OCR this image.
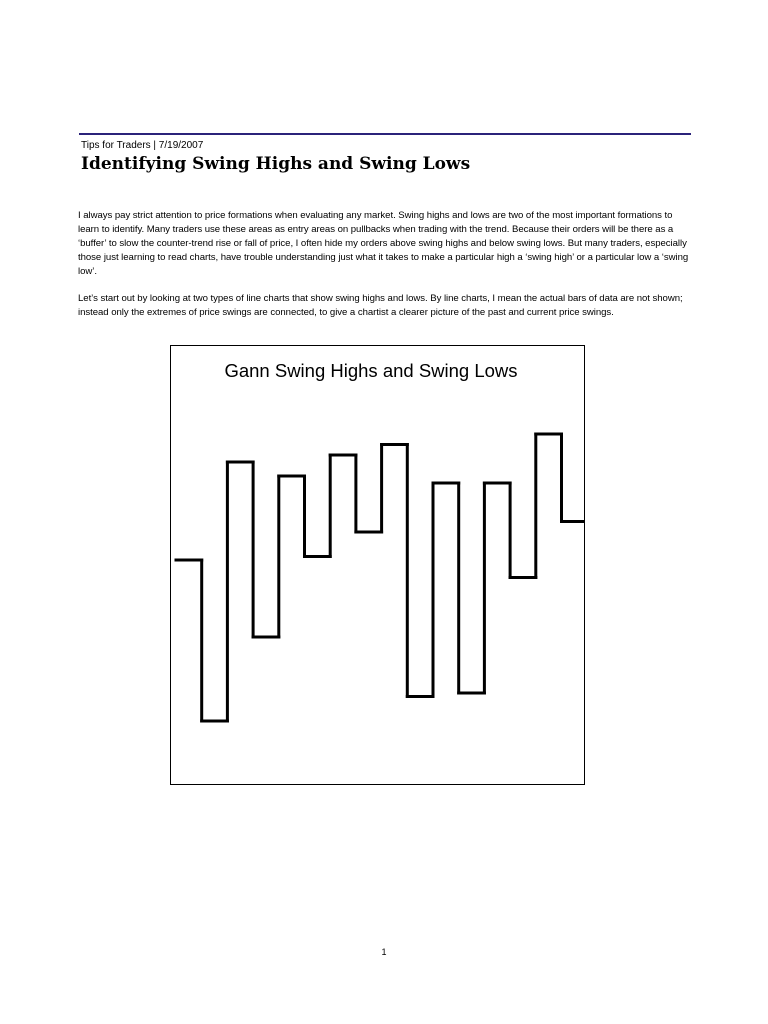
Tips for Traders | 7/19/2007
Identifying Swing Highs and Swing Lows

I always pay strict attention to price formations when evaluating any market. Swing highs and lows are two of the most important formations to learn to identify. Many traders use these areas as entry areas on pullbacks when trading with the trend. Because their orders will be there as a ‘buffer’ to slow the counter-trend rise or fall of price, I often hide my orders above swing highs and below swing lows. But many traders, especially those just learning to read charts, have trouble understanding just what it takes to make a particular high a ‘swing high’ or a particular low a ‘swing low’.

Let’s start out by looking at two types of line charts that show swing highs and lows. By line charts, I mean the actual bars of data are not shown; instead only the extremes of price swings are connected, to give a chartist a clearer picture of the past and current price swings.

Gann Swing Highs and Swing Lows
1
